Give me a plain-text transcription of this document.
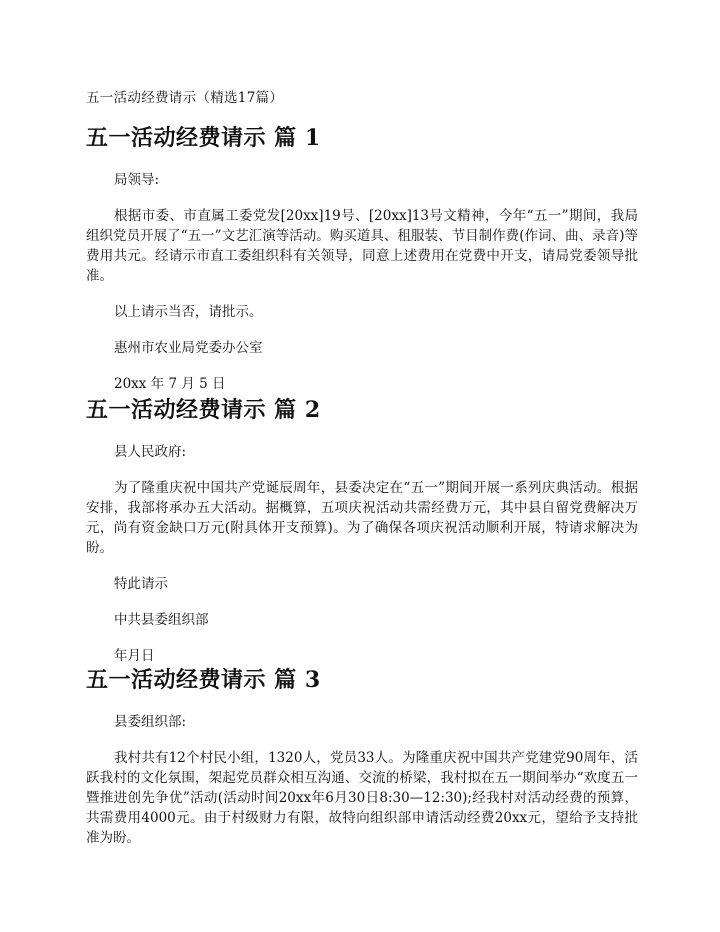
五一活动经费请示（精选17篇）
五一活动经费请示 篇 1

局领导:

根据市委、市直属工委党发[20xx]19号、[20xx]13号文精神，今年“五一”期间，我局组织党员开展了“五一”文艺汇演等活动。购买道具、租服装、节目制作费(作词、曲、录音)等费用共元。经请示市直工委组织科有关领导，同意上述费用在党费中开支，请局党委领导批准。

以上请示当否，请批示。

惠州市农业局党委办公室

20xx 年 7 月 5 日

五一活动经费请示 篇 2

县人民政府:

为了隆重庆祝中国共产党诞辰周年，县委决定在“五一”期间开展一系列庆典活动。根据安排，我部将承办五大活动。据概算，五项庆祝活动共需经费万元，其中县自留党费解决万元，尚有资金缺口万元(附具体开支预算)。为了确保各项庆祝活动顺利开展，特请求解决为盼。

特此请示

中共县委组织部

年月日

五一活动经费请示 篇 3

县委组织部:

我村共有12个村民小组，1320人，党员33人。为隆重庆祝中国共产党建党90周年，活跃我村的文化氛围，架起党员群众相互沟通、交流的桥梁，我村拟在五一期间举办“欢度五一暨推进创先争优”活动(活动时间20xx年6月30日8:30—12:30);经我村对活动经费的预算，共需费用4000元。由于村级财力有限，故特向组织部申请活动经费20xx元，望给予支持批准为盼。
